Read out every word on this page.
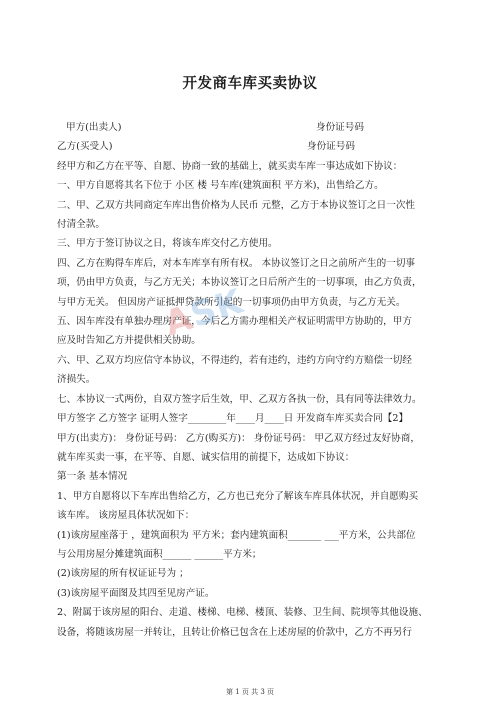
开发商车库买卖协议
甲方(出卖人)	身份证号码
乙方(买受人)	身份证号码

经甲方和乙方在平等、自愿、协商一致的基础上，就买卖车库一事达成如下协议：

一、甲方自愿将其名下位于 小区 楼 号车库(建筑面积 平方米)，出售给乙方。

二、甲、乙双方共同商定车库出售价格为人民币 元整，乙方于本协议签订之日一次性

付清全款。

三、甲方于签订协议之日，将该车库交付乙方使用。

四、乙方在购得车库后，对本车库享有所有权。 本协议签订之日之前所产生的一切事

项，仍由甲方负责，与乙方无关；本协议签订之日后所产生的一切事项，由乙方负责，

与甲方无关。 但因房产证抵押贷款所引起的一切事项仍由甲方负责，与乙方无关。

五、因车库没有单独办理房产证，今后乙方需办理相关产权证明需甲方协助的，甲方

应及时告知乙方并提供相关协助。

六、甲、乙双方均应信守本协议，不得违约，若有违约，违约方向守约方赔偿一切经

济损失。

七、本协议一式两份，自双方签字后生效，甲、乙双方各执一份，具有同等法律效力。

甲方签字 乙方签字 证明人签字________年____月____日 开发商车库买卖合同【2】

甲方(出卖方)： 身份证号码： 乙方(购买方)： 身份证号码： 甲乙双方经过友好协商，

就车库买卖一事，在平等、自愿、诚实信用的前提下，达成如下协议：

第一条 基本情况

1、甲方自愿将以下车库出售给乙方，乙方也已充分了解该车库具体状况，并自愿购买

该车库。 该房屋具体状况如下：

(1)该房屋座落于 ，建筑面积为 平方米；套内建筑面积_______ ___平方米，公共部位

与公用房屋分摊建筑面积______ ______平方米；

(2)该房屋的所有权证证号为 ；

(3)该房屋平面图及其四至见房产证。

2、附属于该房屋的阳台、走道、楼梯、电梯、楼顶、装修、卫生间、院坝等其他设施、

设备，将随该房屋一并转让，且转让价格已包含在上述房屋的价款中，乙方不再另行

ASK
第 1 页 共 3 页
